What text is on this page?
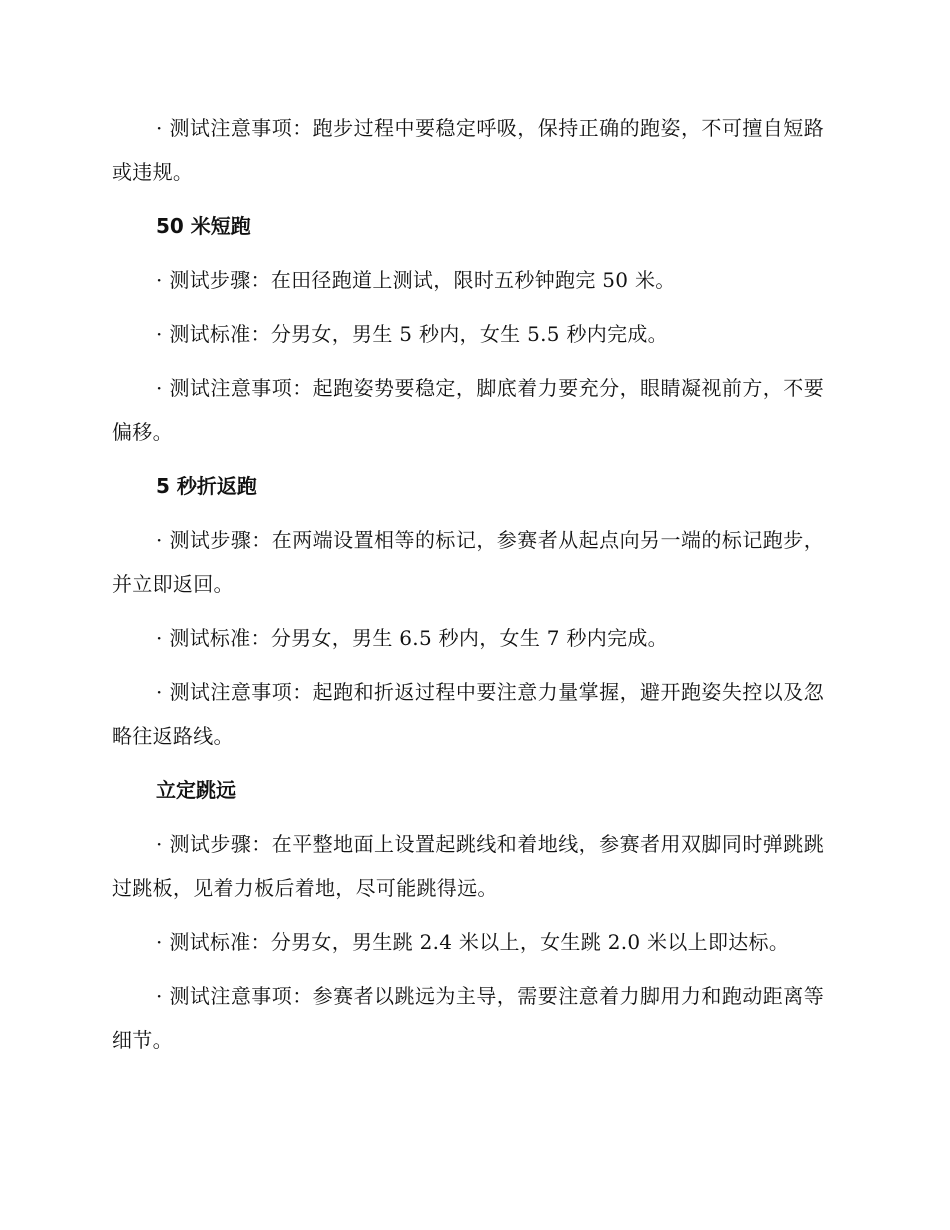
· 测试注意事项：跑步过程中要稳定呼吸，保持正确的跑姿，不可擅自短路或违规。

50 米短跑

· 测试步骤：在田径跑道上测试，限时五秒钟跑完 50 米。

· 测试标准：分男女，男生 5 秒内，女生 5.5 秒内完成。

· 测试注意事项：起跑姿势要稳定，脚底着力要充分，眼睛凝视前方，不要偏移。

5 秒折返跑

· 测试步骤：在两端设置相等的标记，参赛者从起点向另一端的标记跑步，并立即返回。

· 测试标准：分男女，男生 6.5 秒内，女生 7 秒内完成。

· 测试注意事项：起跑和折返过程中要注意力量掌握，避开跑姿失控以及忽略往返路线。

立定跳远

· 测试步骤：在平整地面上设置起跳线和着地线，参赛者用双脚同时弹跳跳过跳板，见着力板后着地，尽可能跳得远。

· 测试标准：分男女，男生跳 2.4 米以上，女生跳 2.0 米以上即达标。

· 测试注意事项：参赛者以跳远为主导，需要注意着力脚用力和跑动距离等细节。
